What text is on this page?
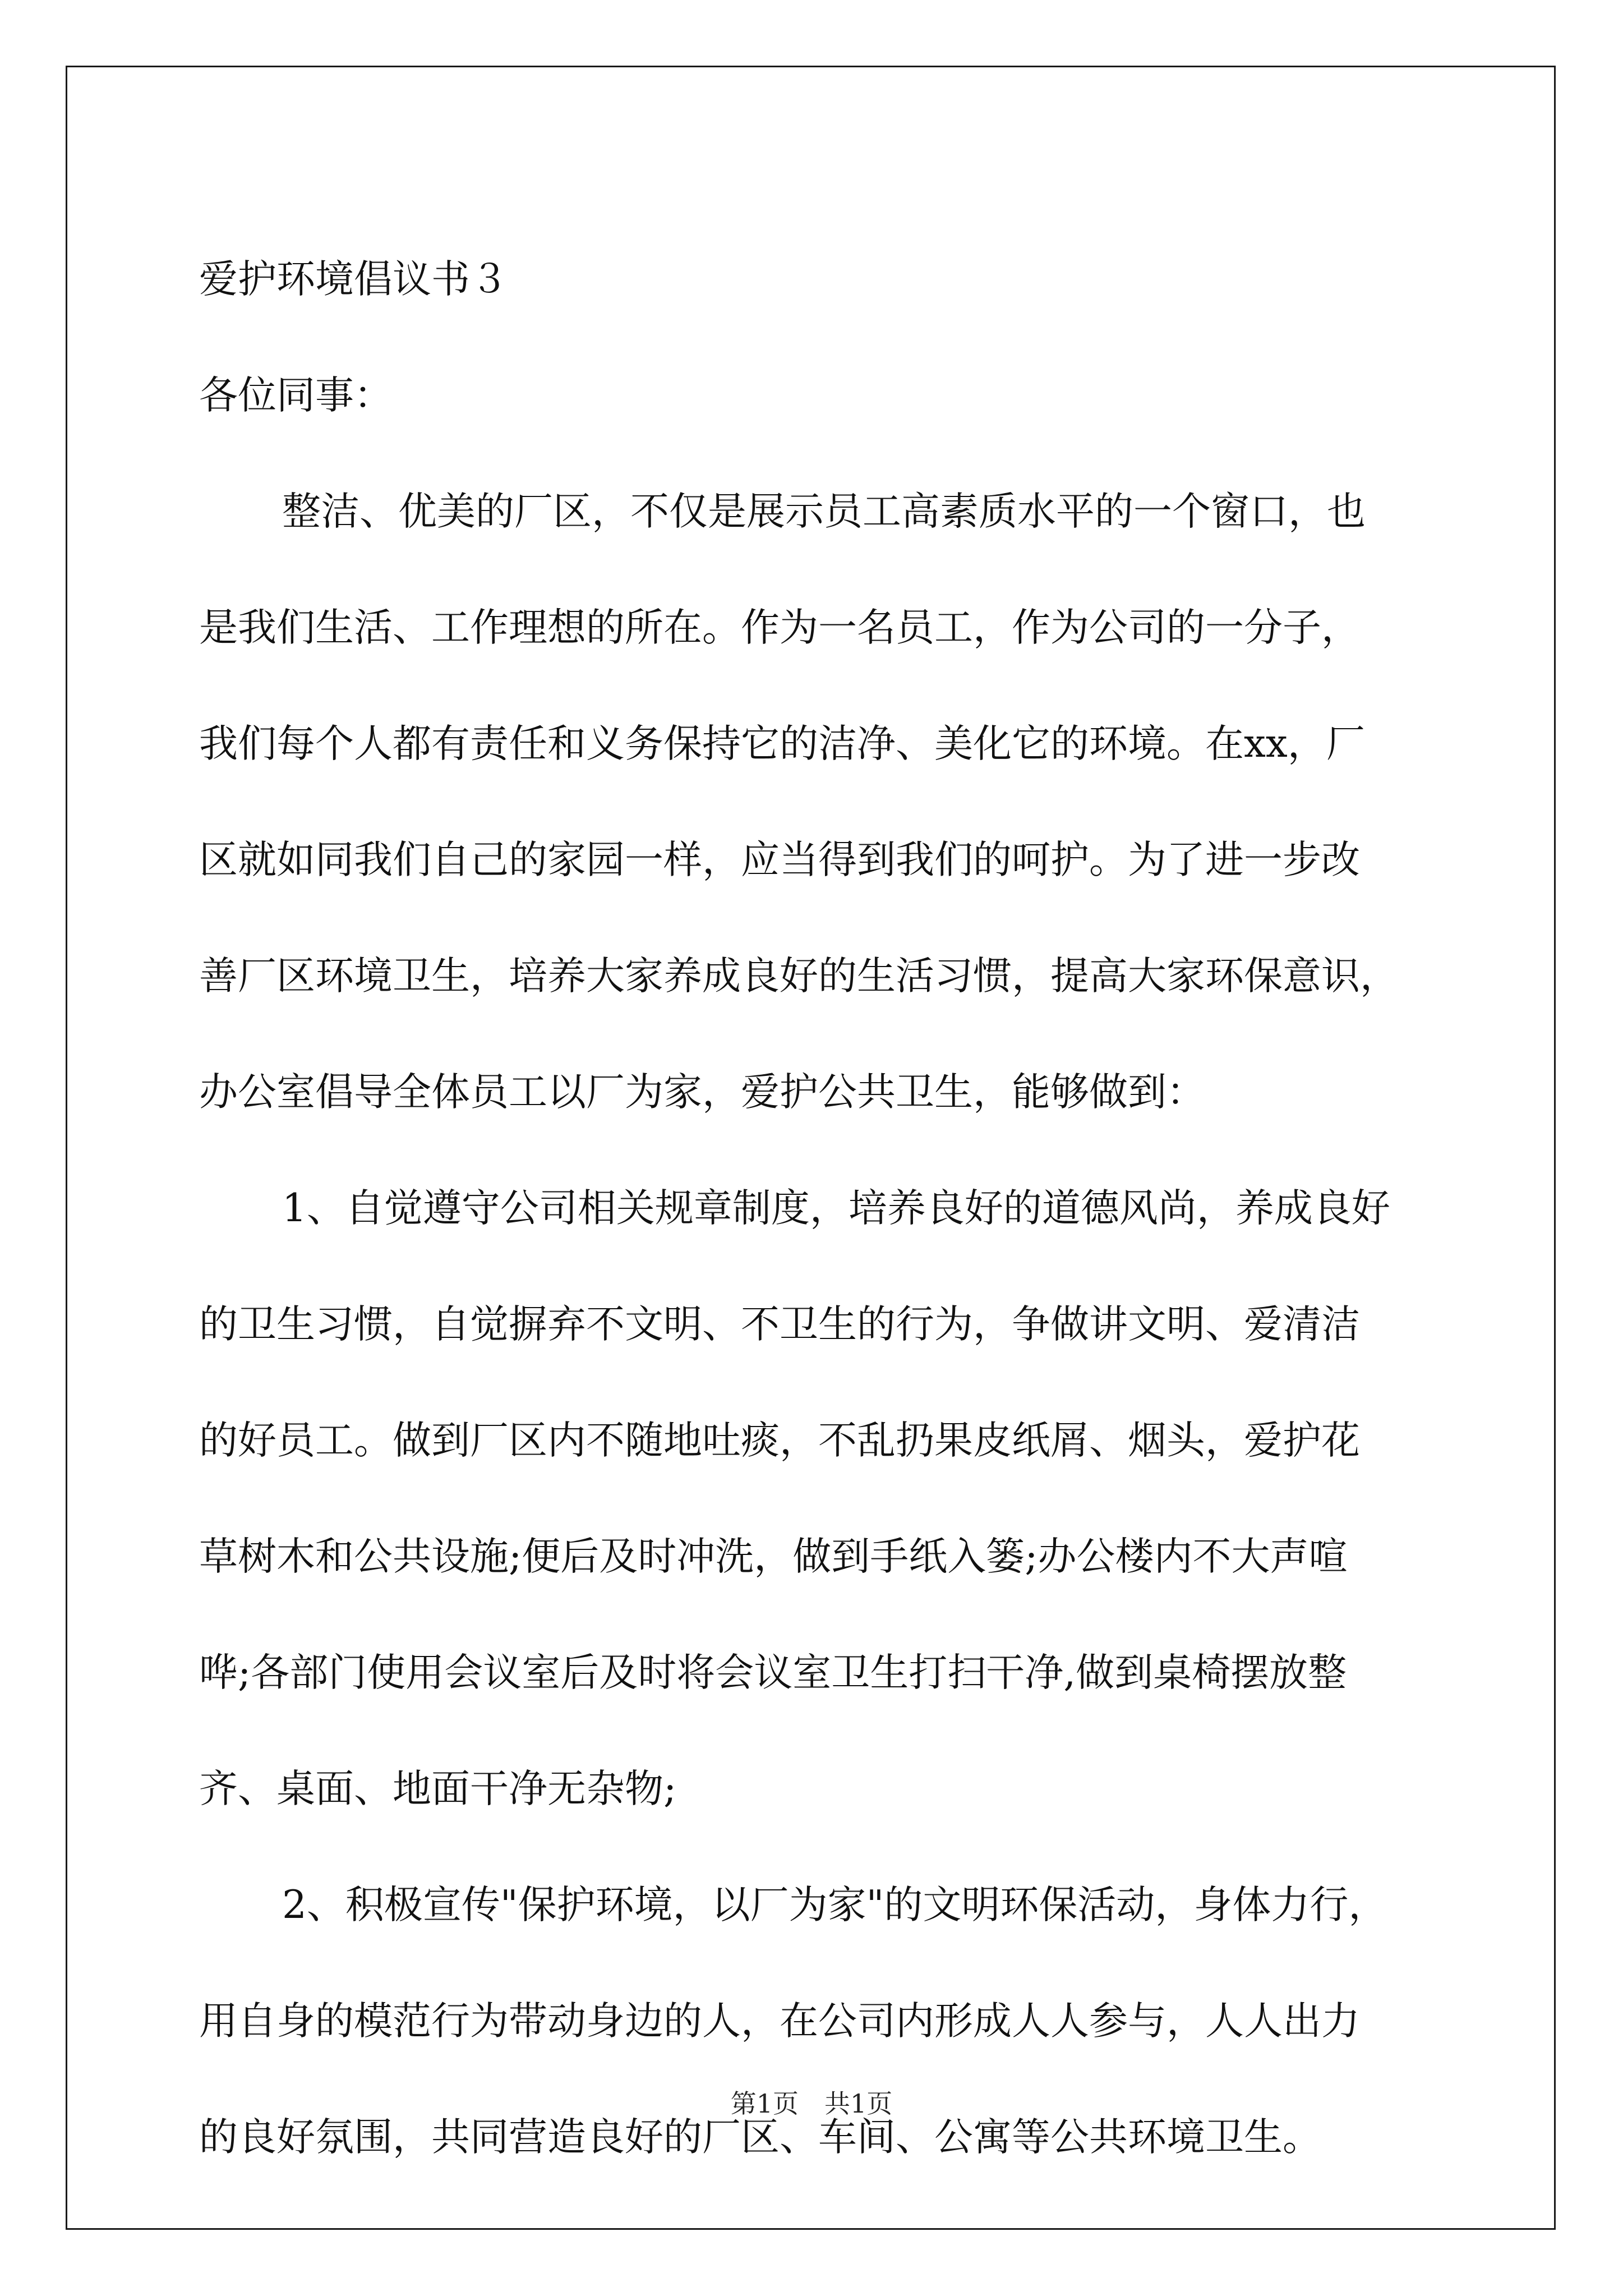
爱护环境倡议书３
各位同事：
整洁、优美的厂区，不仅是展示员工高素质水平的一个窗口，也
是我们生活、工作理想的所在。作为一名员工，作为公司的一分子，
我们每个人都有责任和义务保持它的洁净、美化它的环境。在xx，厂
区就如同我们自己的家园一样，应当得到我们的呵护。为了进一步改
善厂区环境卫生，培养大家养成良好的生活习惯，提高大家环保意识，
办公室倡导全体员工以厂为家，爱护公共卫生，能够做到：
1、自觉遵守公司相关规章制度，培养良好的道德风尚，养成良好
的卫生习惯，自觉摒弃不文明、不卫生的行为，争做讲文明、爱清洁
的好员工。做到厂区内不随地吐痰，不乱扔果皮纸屑、烟头，爱护花
草树木和公共设施;便后及时冲洗，做到手纸入篓;办公楼内不大声喧
哗;各部门使用会议室后及时将会议室卫生打扫干净,做到桌椅摆放整
齐、桌面、地面干净无杂物;
2、积极宣传"保护环境，以厂为家"的文明环保活动，身体力行，
用自身的模范行为带动身边的人，在公司内形成人人参与，人人出力
的良好氛围，共同营造良好的厂区、车间、公寓等公共环境卫生。
第1页　共1页
